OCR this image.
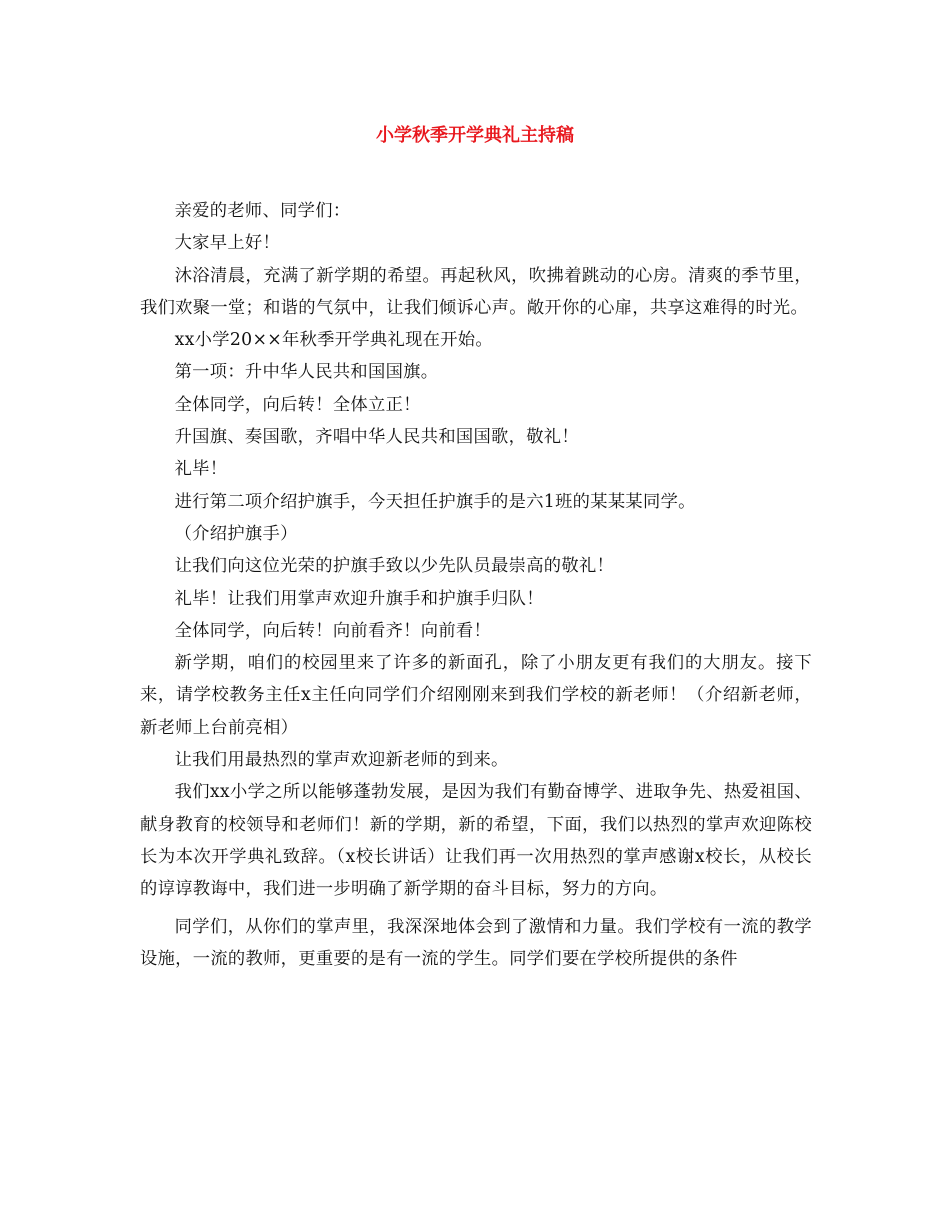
小学秋季开学典礼主持稿

亲爱的老师、同学们：

大家早上好！

沐浴清晨，充满了新学期的希望。再起秋风，吹拂着跳动的心房。清爽的季节里，我们欢聚一堂；和谐的气氛中，让我们倾诉心声。敞开你的心扉，共享这难得的时光。

xx小学20××年秋季开学典礼现在开始。

第一项：升中华人民共和国国旗。

全体同学，向后转！全体立正！

升国旗、奏国歌，齐唱中华人民共和国国歌，敬礼！

礼毕！

进行第二项介绍护旗手，今天担任护旗手的是六1班的某某某同学。

（介绍护旗手）

让我们向这位光荣的护旗手致以少先队员最崇高的敬礼！

礼毕！让我们用掌声欢迎升旗手和护旗手归队！

全体同学，向后转！向前看齐！向前看！

新学期，咱们的校园里来了许多的新面孔，除了小朋友更有我们的大朋友。接下来，请学校教务主任x主任向同学们介绍刚刚来到我们学校的新老师！（介绍新老师，新老师上台前亮相）

让我们用最热烈的掌声欢迎新老师的到来。

我们xx小学之所以能够蓬勃发展，是因为我们有勤奋博学、进取争先、热爱祖国、献身教育的校领导和老师们！新的学期，新的希望，下面，我们以热烈的掌声欢迎陈校长为本次开学典礼致辞。（x校长讲话）让我们再一次用热烈的掌声感谢x校长，从校长的谆谆教诲中，我们进一步明确了新学期的奋斗目标，努力的方向。

同学们，从你们的掌声里，我深深地体会到了激情和力量。我们学校有一流的教学设施，一流的教师，更重要的是有一流的学生。同学们要在学校所提供的条件
